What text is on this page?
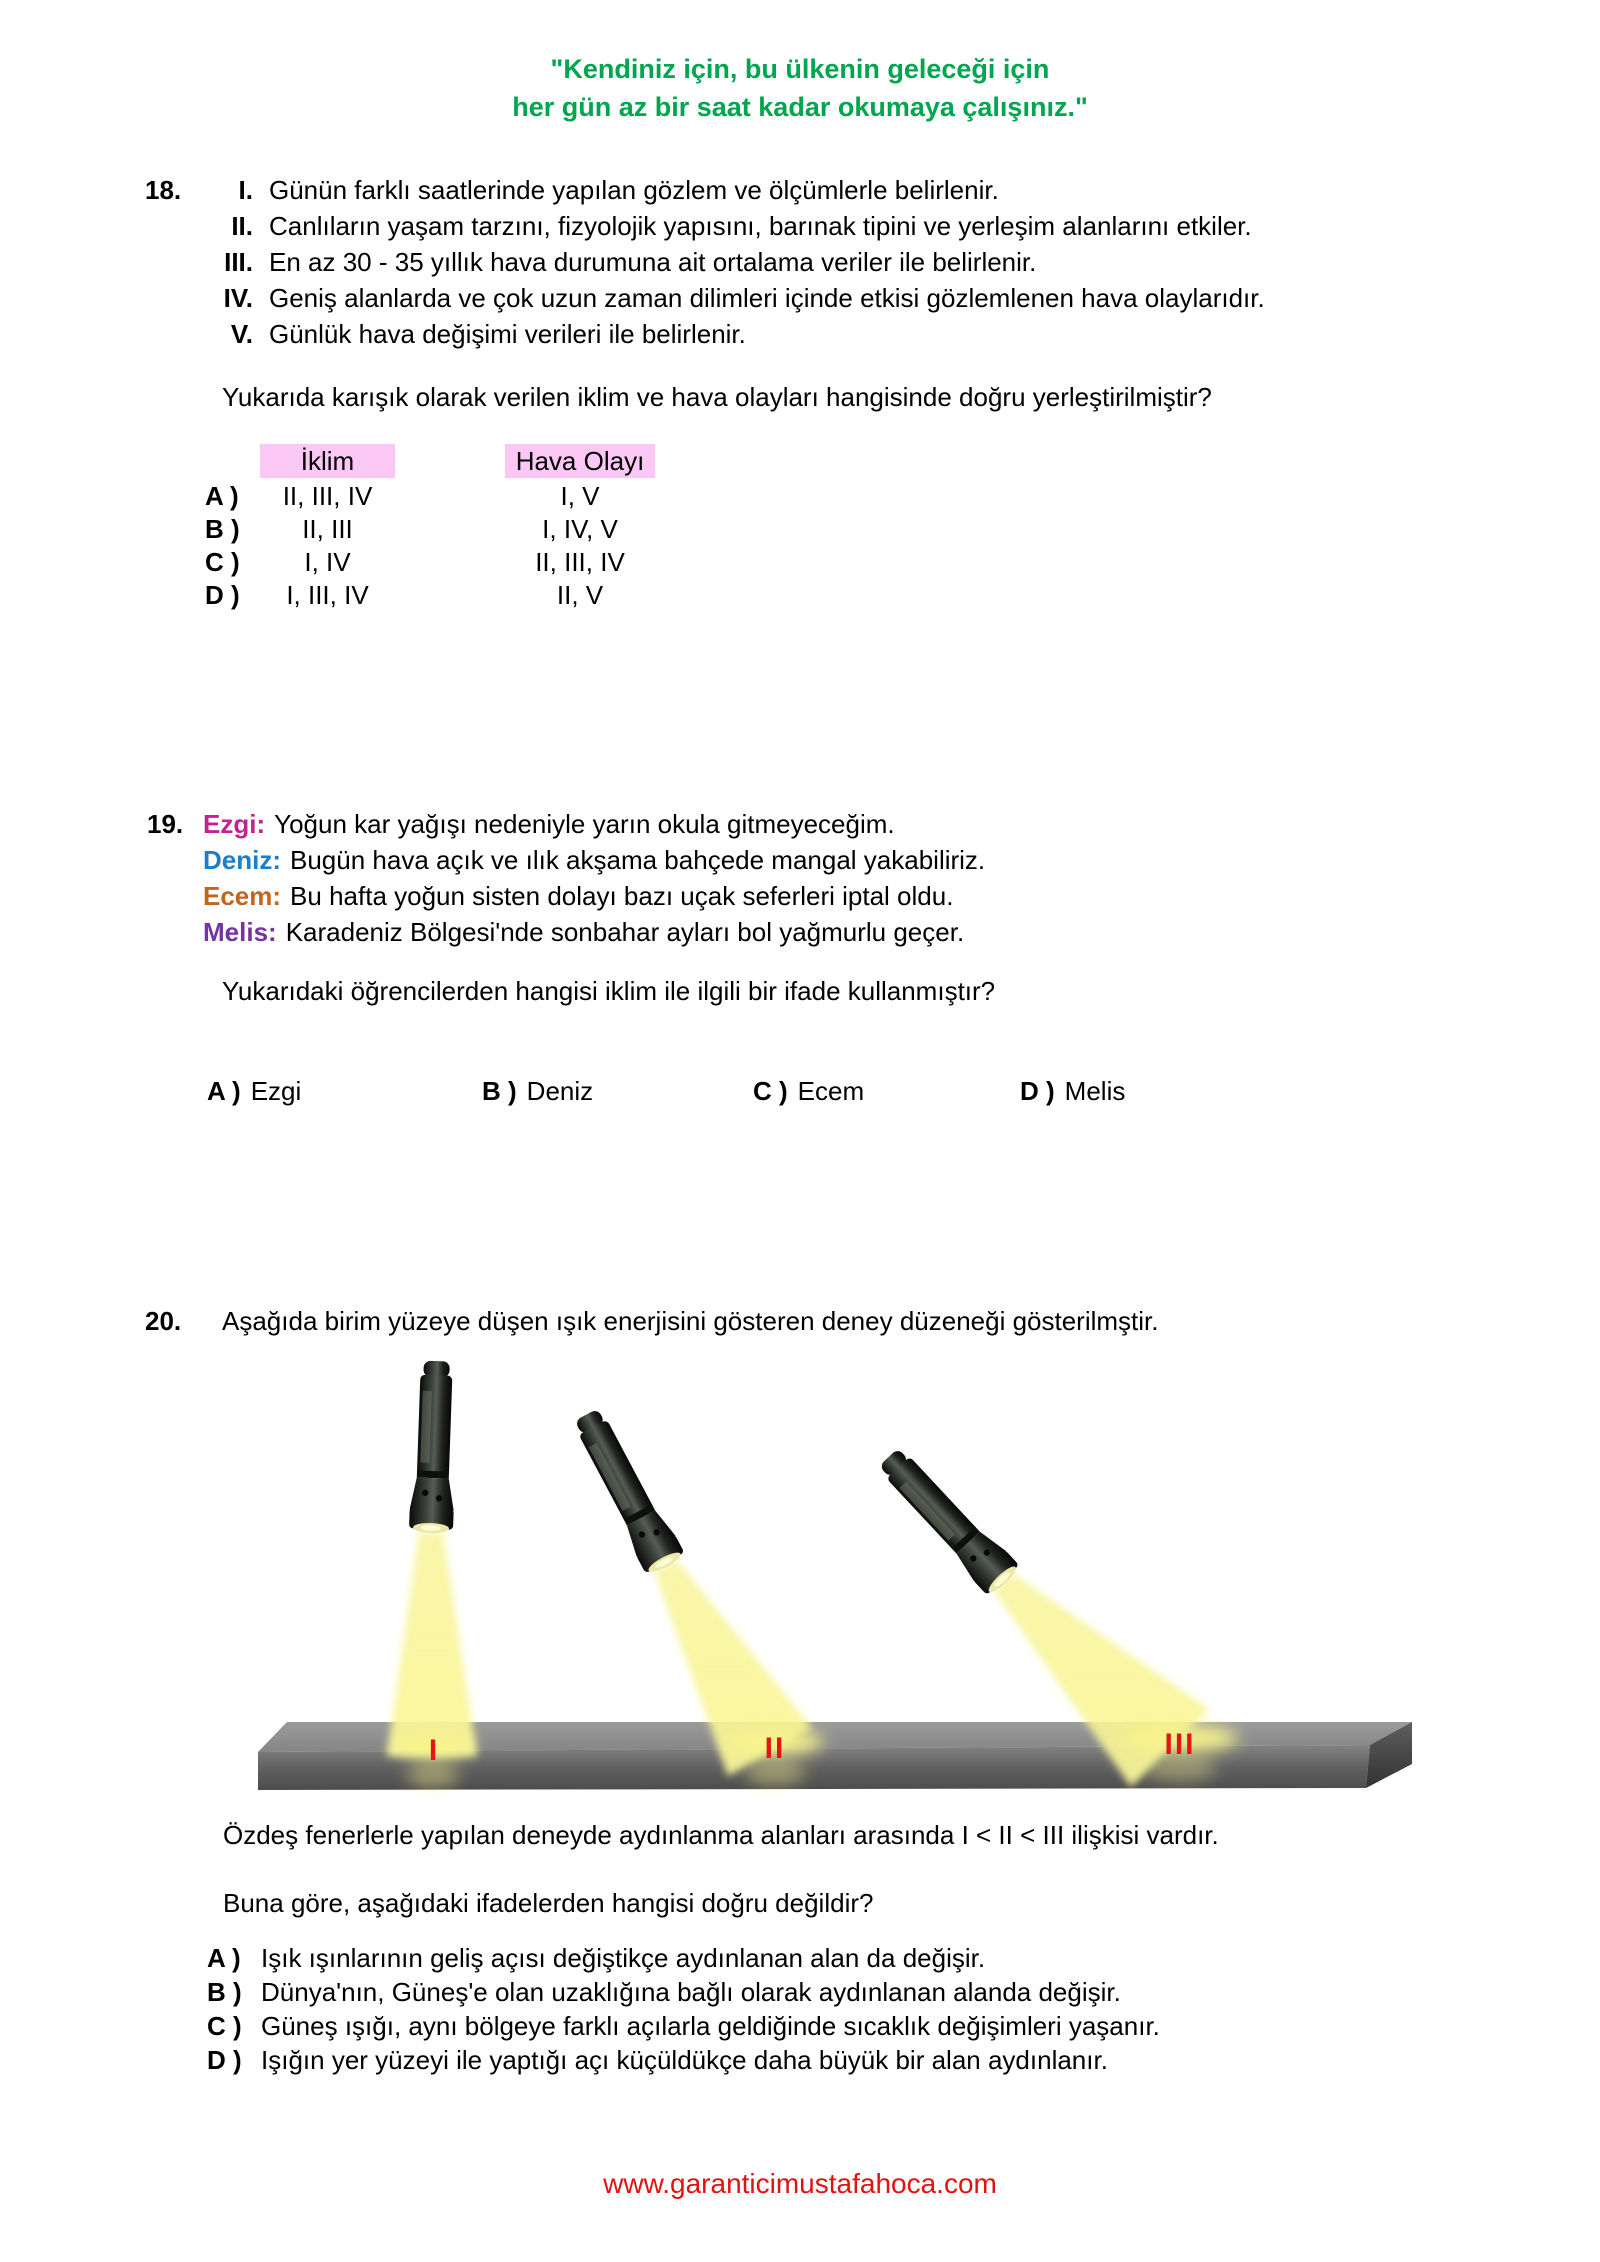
"Kendiniz için, bu ülkenin geleceği için
her gün az bir saat kadar okumaya çalışınız."
18.	I. Günün farklı saatlerinde yapılan gözlem ve ölçümlerle belirlenir.
II. Canlıların yaşam tarzını, fizyolojik yapısını, barınak tipini ve yerleşim alanlarını etkiler.
III. En az 30 - 35 yıllık hava durumuna ait ortalama veriler ile belirlenir.
IV. Geniş alanlarda ve çok uzun zaman dilimleri içinde etkisi gözlemlenen hava olaylarıdır.
V. Günlük hava değişimi verileri ile belirlenir.
Yukarıda karışık olarak verilen iklim ve hava olayları hangisinde doğru yerleştirilmiştir?
İklim	Hava Olayı
A )	II, III, IV	I, V
B )	II, III	I, IV, V
C )	I, IV	II, III, IV
D )	I, III, IV	II, V
19. Ezgi: Yoğun kar yağışı nedeniyle yarın okula gitmeyeceğim.
Deniz: Bugün hava açık ve ılık akşama bahçede mangal yakabiliriz.
Ecem: Bu hafta yoğun sisten dolayı bazı uçak seferleri iptal oldu.
Melis: Karadeniz Bölgesi'nde sonbahar ayları bol yağmurlu geçer.
Yukarıdaki öğrencilerden hangisi iklim ile ilgili bir ifade kullanmıştır?
A ) Ezgi	B ) Deniz	C ) Ecem	D ) Melis
20.	Aşağıda birim yüzeye düşen ışık enerjisini gösteren deney düzeneği gösterilmştir.
I	II	III
Özdeş fenerlerle yapılan deneyde aydınlanma alanları arasında I < II < III ilişkisi vardır.
Buna göre, aşağıdaki ifadelerden hangisi doğru değildir?
A ) Işık ışınlarının geliş açısı değiştikçe aydınlanan alan da değişir.
B ) Dünya'nın, Güneş'e olan uzaklığına bağlı olarak aydınlanan alanda değişir.
C ) Güneş ışığı, aynı bölgeye farklı açılarla geldiğinde sıcaklık değişimleri yaşanır.
D ) Işığın yer yüzeyi ile yaptığı açı küçüldükçe daha büyük bir alan aydınlanır.
www.garanticimustafahoca.com
